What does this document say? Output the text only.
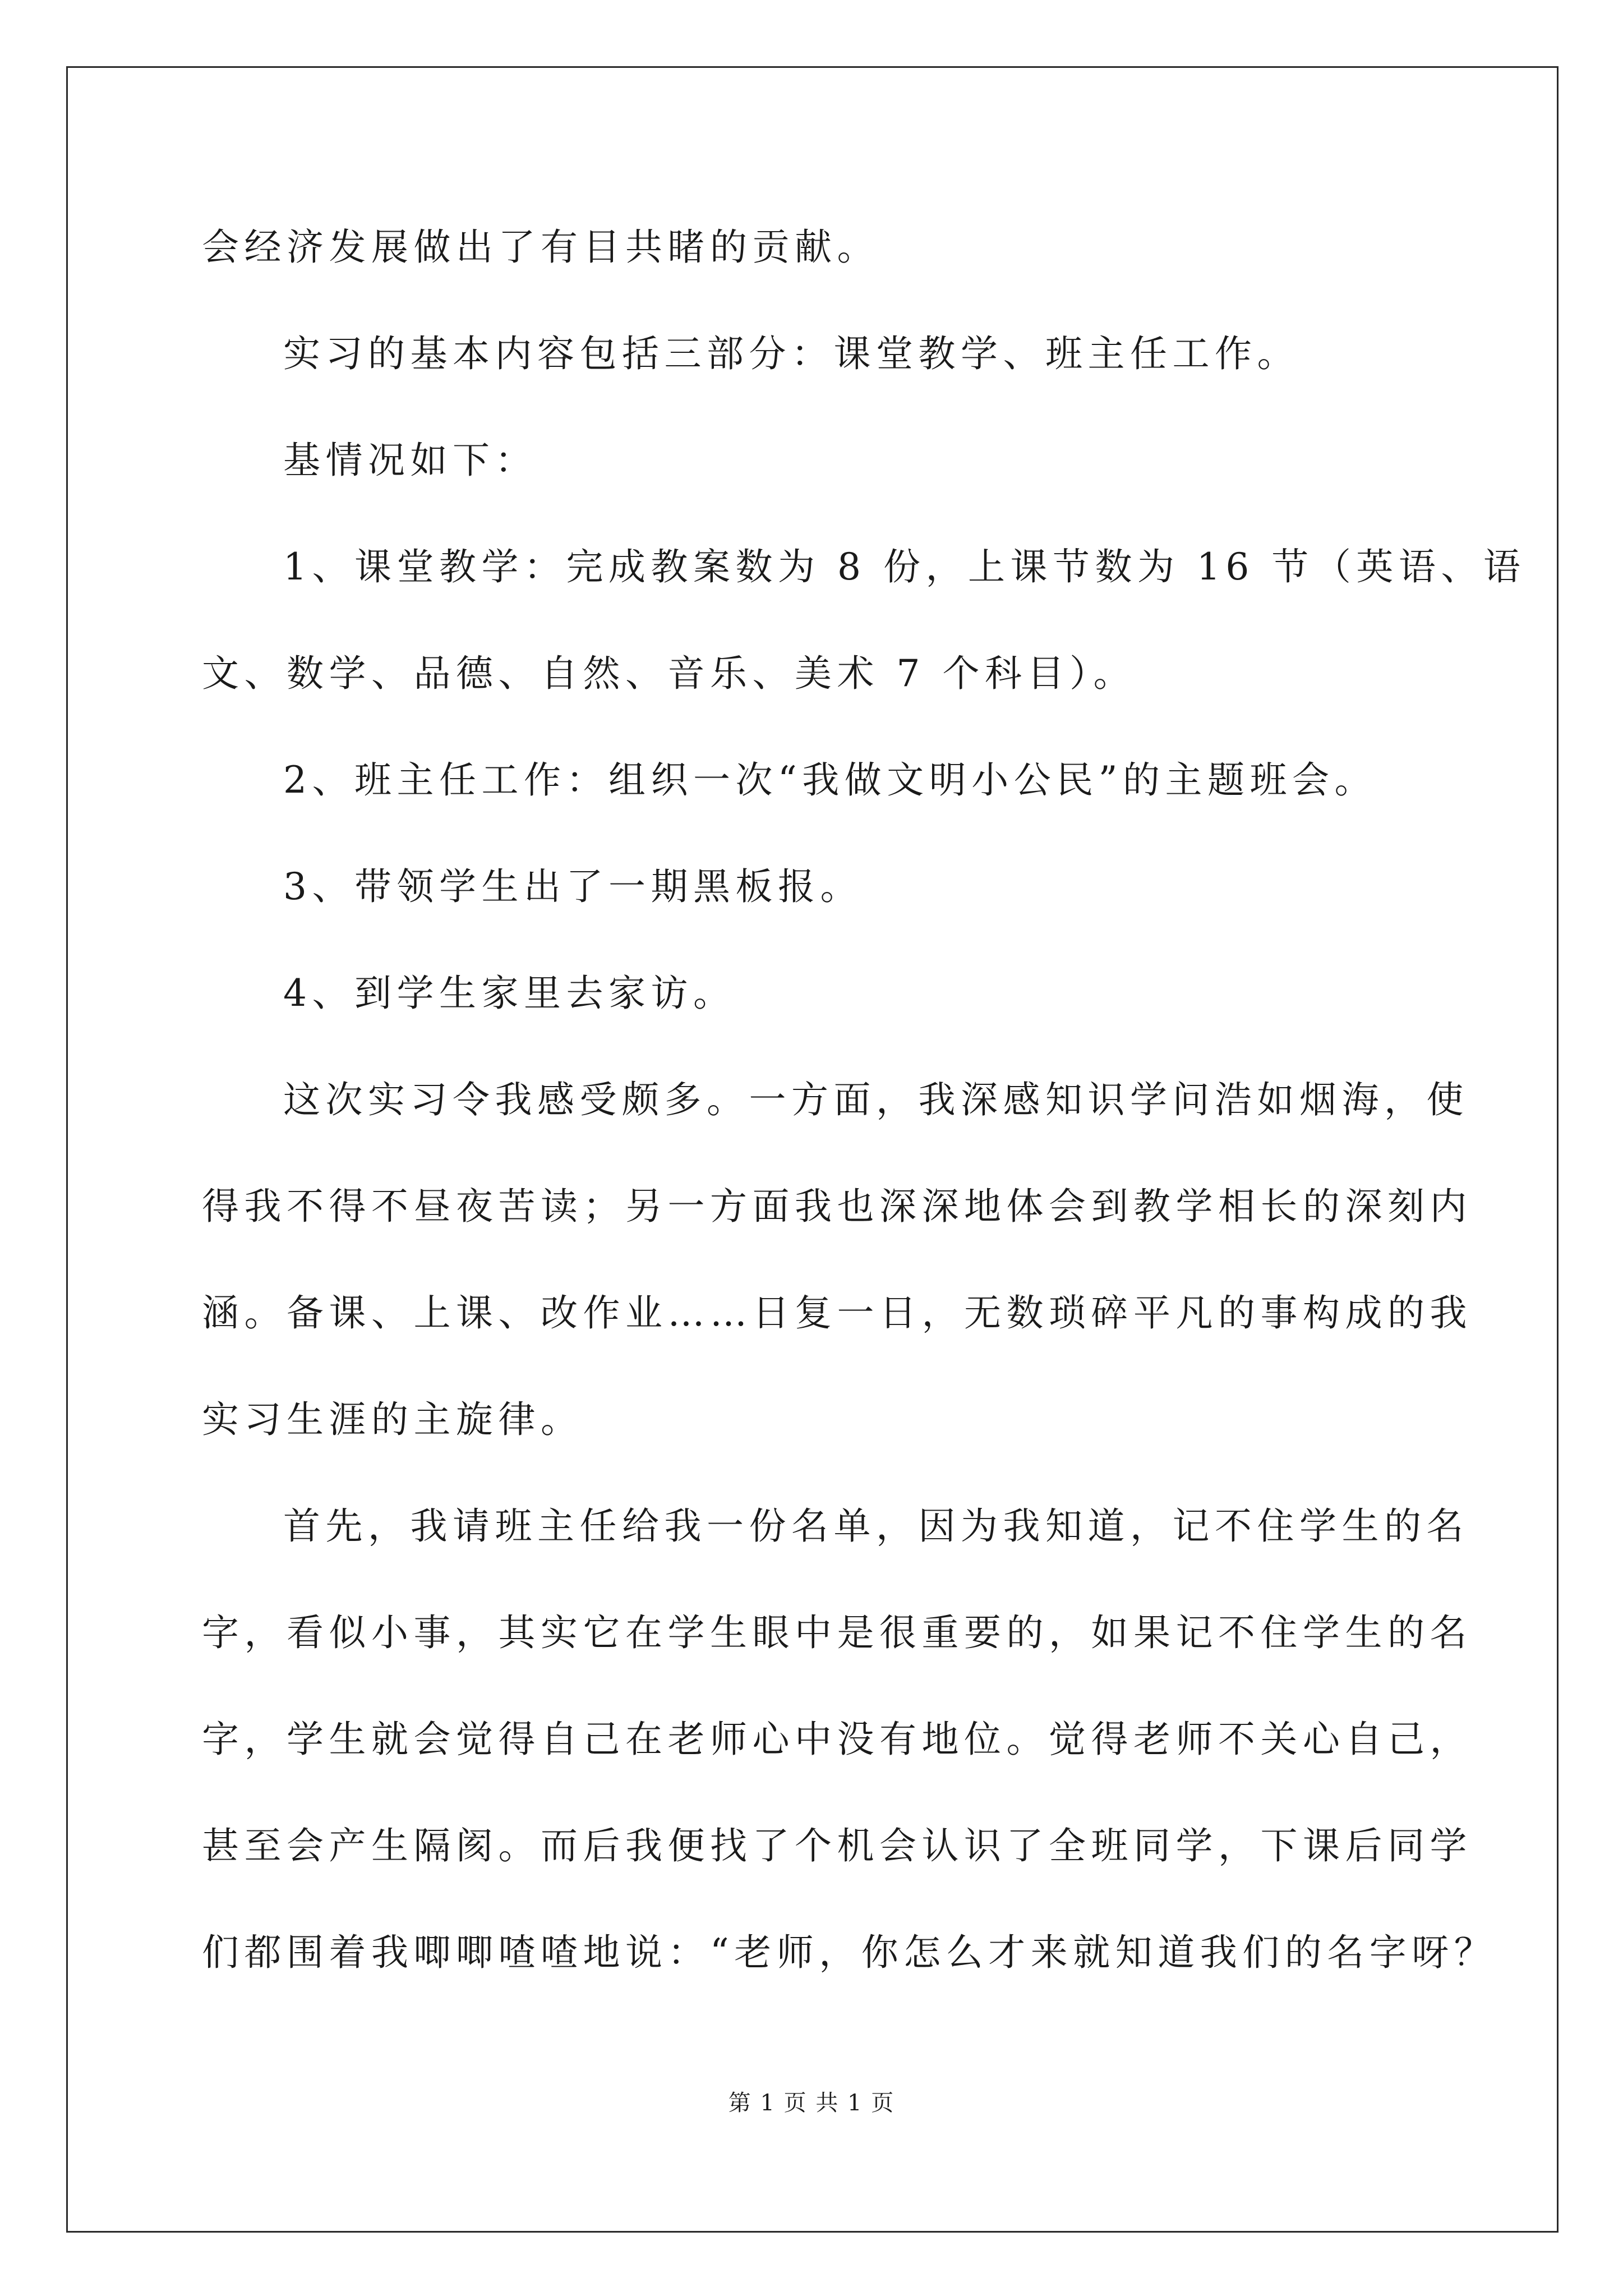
会经济发展做出了有目共睹的贡献。
实习的基本内容包括三部分：课堂教学、班主任工作。
基情况如下：
1、课堂教学：完成教案数为 8 份，上课节数为 16 节（英语、语
文、数学、品德、自然、音乐、美术 7 个科目）。
2、班主任工作：组织一次“我做文明小公民”的主题班会。
3、带领学生出了一期黑板报。
4、到学生家里去家访。
这次实习令我感受颇多。一方面，我深感知识学问浩如烟海，使
得我不得不昼夜苦读；另一方面我也深深地体会到教学相长的深刻内
涵。备课、上课、改作业……日复一日，无数琐碎平凡的事构成的我
实习生涯的主旋律。
首先，我请班主任给我一份名单，因为我知道，记不住学生的名
字，看似小事，其实它在学生眼中是很重要的，如果记不住学生的名
字，学生就会觉得自己在老师心中没有地位。觉得老师不关心自己，
甚至会产生隔阂。而后我便找了个机会认识了全班同学，下课后同学
们都围着我唧唧喳喳地说：“老师，你怎么才来就知道我们的名字呀？
第 1 页 共 1 页
